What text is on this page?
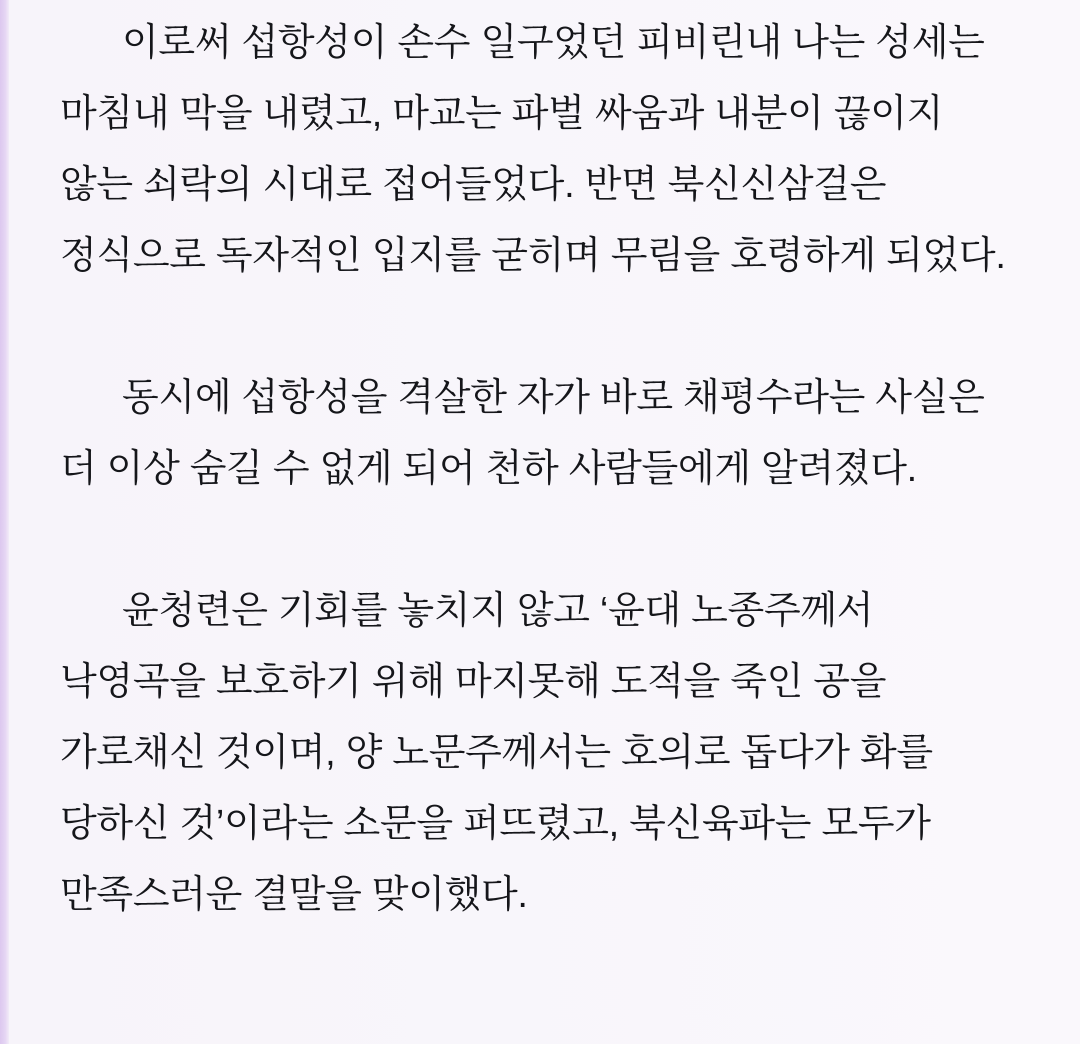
이로써 섭항성이 손수 일구었던 피비린내 나는 성세는 마침내 막을 내렸고, 마교는 파벌 싸움과 내분이 끊이지 않는 쇠락의 시대로 접어들었다. 반면 북신신삼걸은 정식으로 독자적인 입지를 굳히며 무림을 호령하게 되었다.

동시에 섭항성을 격살한 자가 바로 채평수라는 사실은 더 이상 숨길 수 없게 되어 천하 사람들에게 알려졌다.

윤청련은 기회를 놓치지 않고 ‘윤대 노종주께서 낙영곡을 보호하기 위해 마지못해 도적을 죽인 공을 가로채신 것이며, 양 노문주께서는 호의로 돕다가 화를 당하신 것’이라는 소문을 퍼뜨렸고, 북신육파는 모두가 만족스러운 결말을 맞이했다.
